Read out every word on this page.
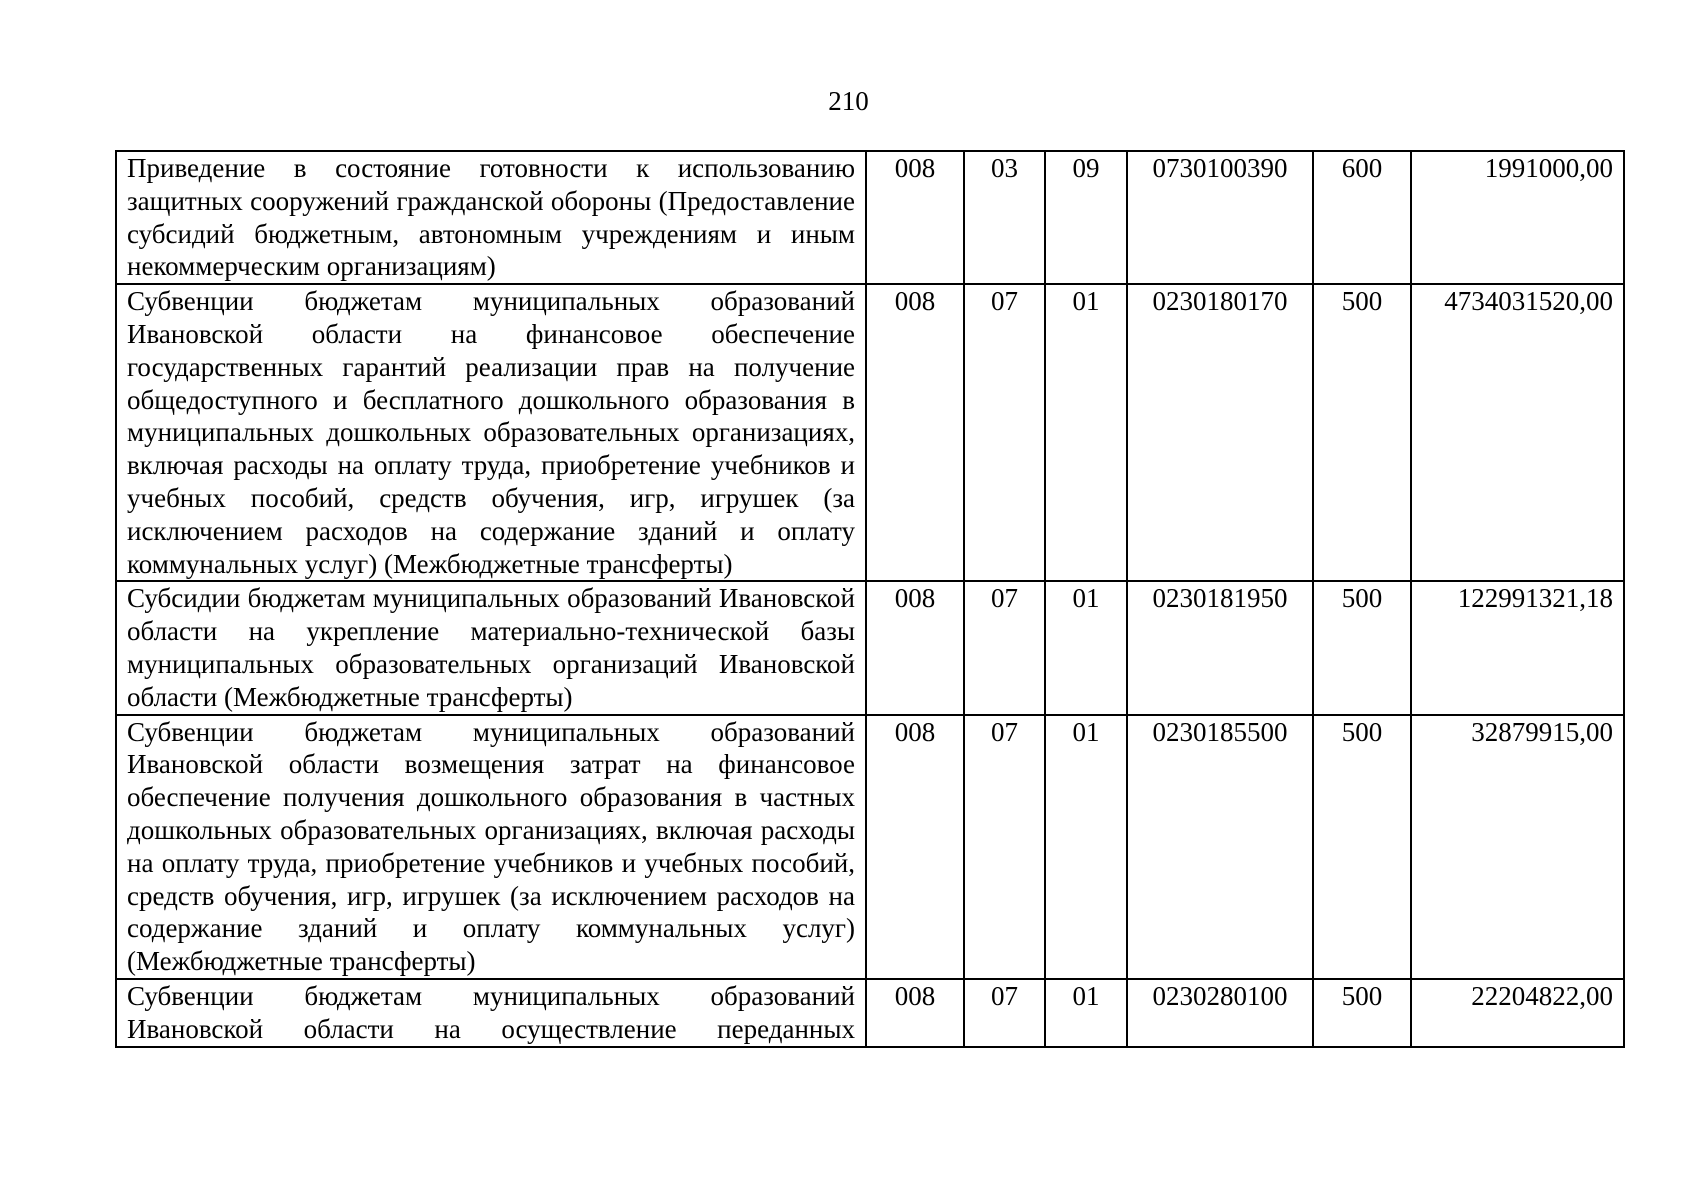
210
Приведение в состояние готовности к использованию защитных сооружений гражданской обороны (Предоставление субсидий бюджетным, автономным учреждениям и иным некоммерческим организациям)	008	03	09	0730100390	600	1991000,00
Субвенции бюджетам муниципальных образований Ивановской области на финансовое обеспечение государственных гарантий реализации прав на получение общедоступного и бесплатного дошкольного образования в муниципальных дошкольных образовательных организациях, включая расходы на оплату труда, приобретение учебников и учебных пособий, средств обучения, игр, игрушек (за исключением расходов на содержание зданий и оплату коммунальных услуг) (Межбюджетные трансферты)	008	07	01	0230180170	500	4734031520,00
Субсидии бюджетам муниципальных образований Ивановской области на укрепление материально-технической базы муниципальных образовательных организаций Ивановской области (Межбюджетные трансферты)	008	07	01	0230181950	500	122991321,18
Субвенции бюджетам муниципальных образований Ивановской области возмещения затрат на финансовое обеспечение получения дошкольного образования в частных дошкольных образовательных организациях, включая расходы на оплату труда, приобретение учебников и учебных пособий, средств обучения, игр, игрушек (за исключением расходов на содержание зданий и оплату коммунальных услуг) (Межбюджетные трансферты)	008	07	01	0230185500	500	32879915,00
Субвенции бюджетам муниципальных образований Ивановской области на осуществление переданных	008	07	01	0230280100	500	22204822,00
